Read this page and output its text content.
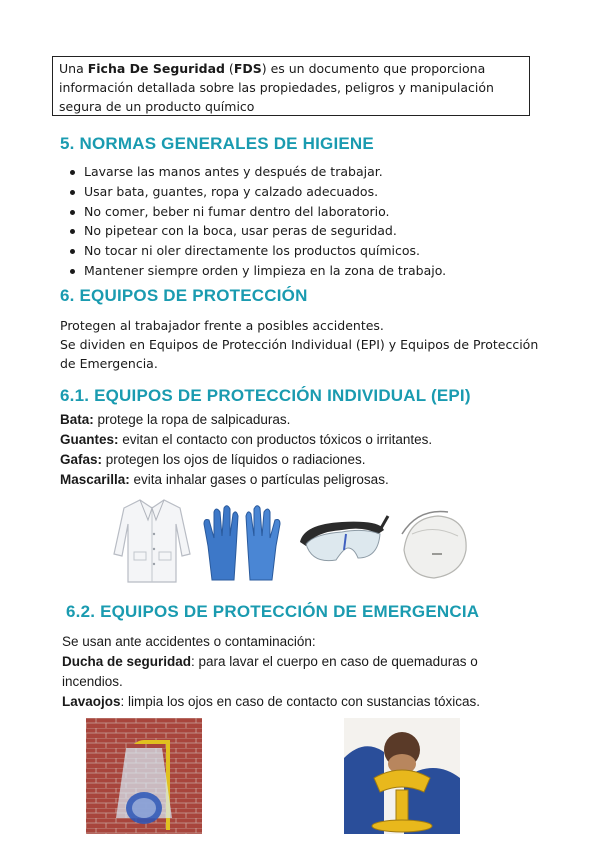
Una Ficha De Seguridad (FDS) es un documento que proporciona información detallada sobre las propiedades, peligros y manipulación segura de un producto químico
5. NORMAS GENERALES DE HIGIENE
Lavarse las manos antes y después de trabajar.
Usar bata, guantes, ropa y calzado adecuados.
No comer, beber ni fumar dentro del laboratorio.
No pipetear con la boca, usar peras de seguridad.
No tocar ni oler directamente los productos químicos.
Mantener siempre orden y limpieza en la zona de trabajo.
6. EQUIPOS DE PROTECCIÓN
Protegen al trabajador frente a posibles accidentes.
Se dividen en Equipos de Protección Individual (EPI) y Equipos de Protección de Emergencia.
6.1. EQUIPOS DE PROTECCIÓN INDIVIDUAL (EPI)
Bata: protege la ropa de salpicaduras.
Guantes: evitan el contacto con productos tóxicos o irritantes.
Gafas: protegen los ojos de líquidos o radiaciones.
Mascarilla: evita inhalar gases o partículas peligrosas.
6.2. EQUIPOS DE PROTECCIÓN DE EMERGENCIA
Se usan ante accidentes o contaminación:
Ducha de seguridad: para lavar el cuerpo en caso de quemaduras o incendios.
Lavaojos: limpia los ojos en caso de contacto con sustancias tóxicas.
